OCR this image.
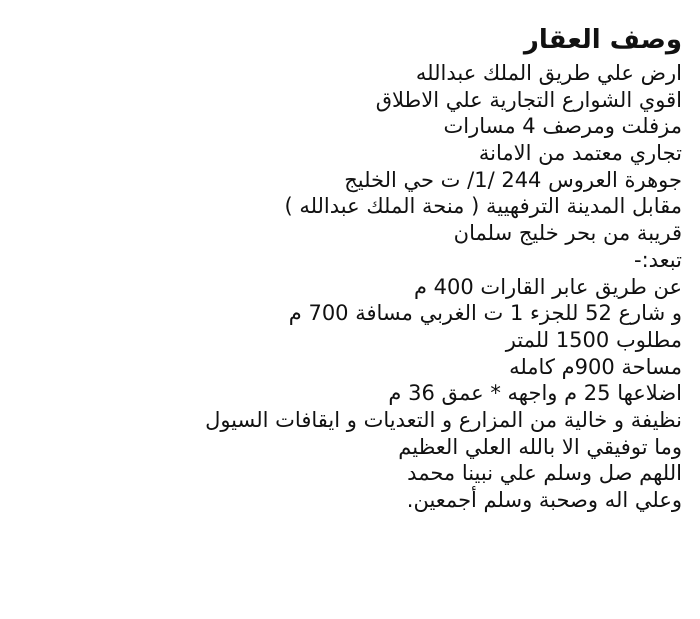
وصف العقار
ارض علي طريق الملك عبدالله
اقوي الشوارع التجارية علي الاطلاق
مزفلت ومرصف 4 مسارات
تجاري معتمد من الامانة
جوهرة العروس 244 /1/ ت حي الخليج
مقابل المدينة الترفهيية ( منحة الملك عبدالله )
قريبة من بحر خليج سلمان
تبعد:-
عن طريق عابر القارات 400 م
و شارع 52 للجزء 1 ت الغربي مسافة 700 م
مطلوب 1500 للمتر
مساحة 900م كامله
اضلاعها 25 م واجهه * عمق 36 م
نظيفة و خالية من المزارع و التعديات و ايقافات السيول
وما توفيقي الا بالله العلي العظيم
اللهم صل وسلم علي نبينا محمد
وعلي اله وصحبة وسلم أجمعين.
